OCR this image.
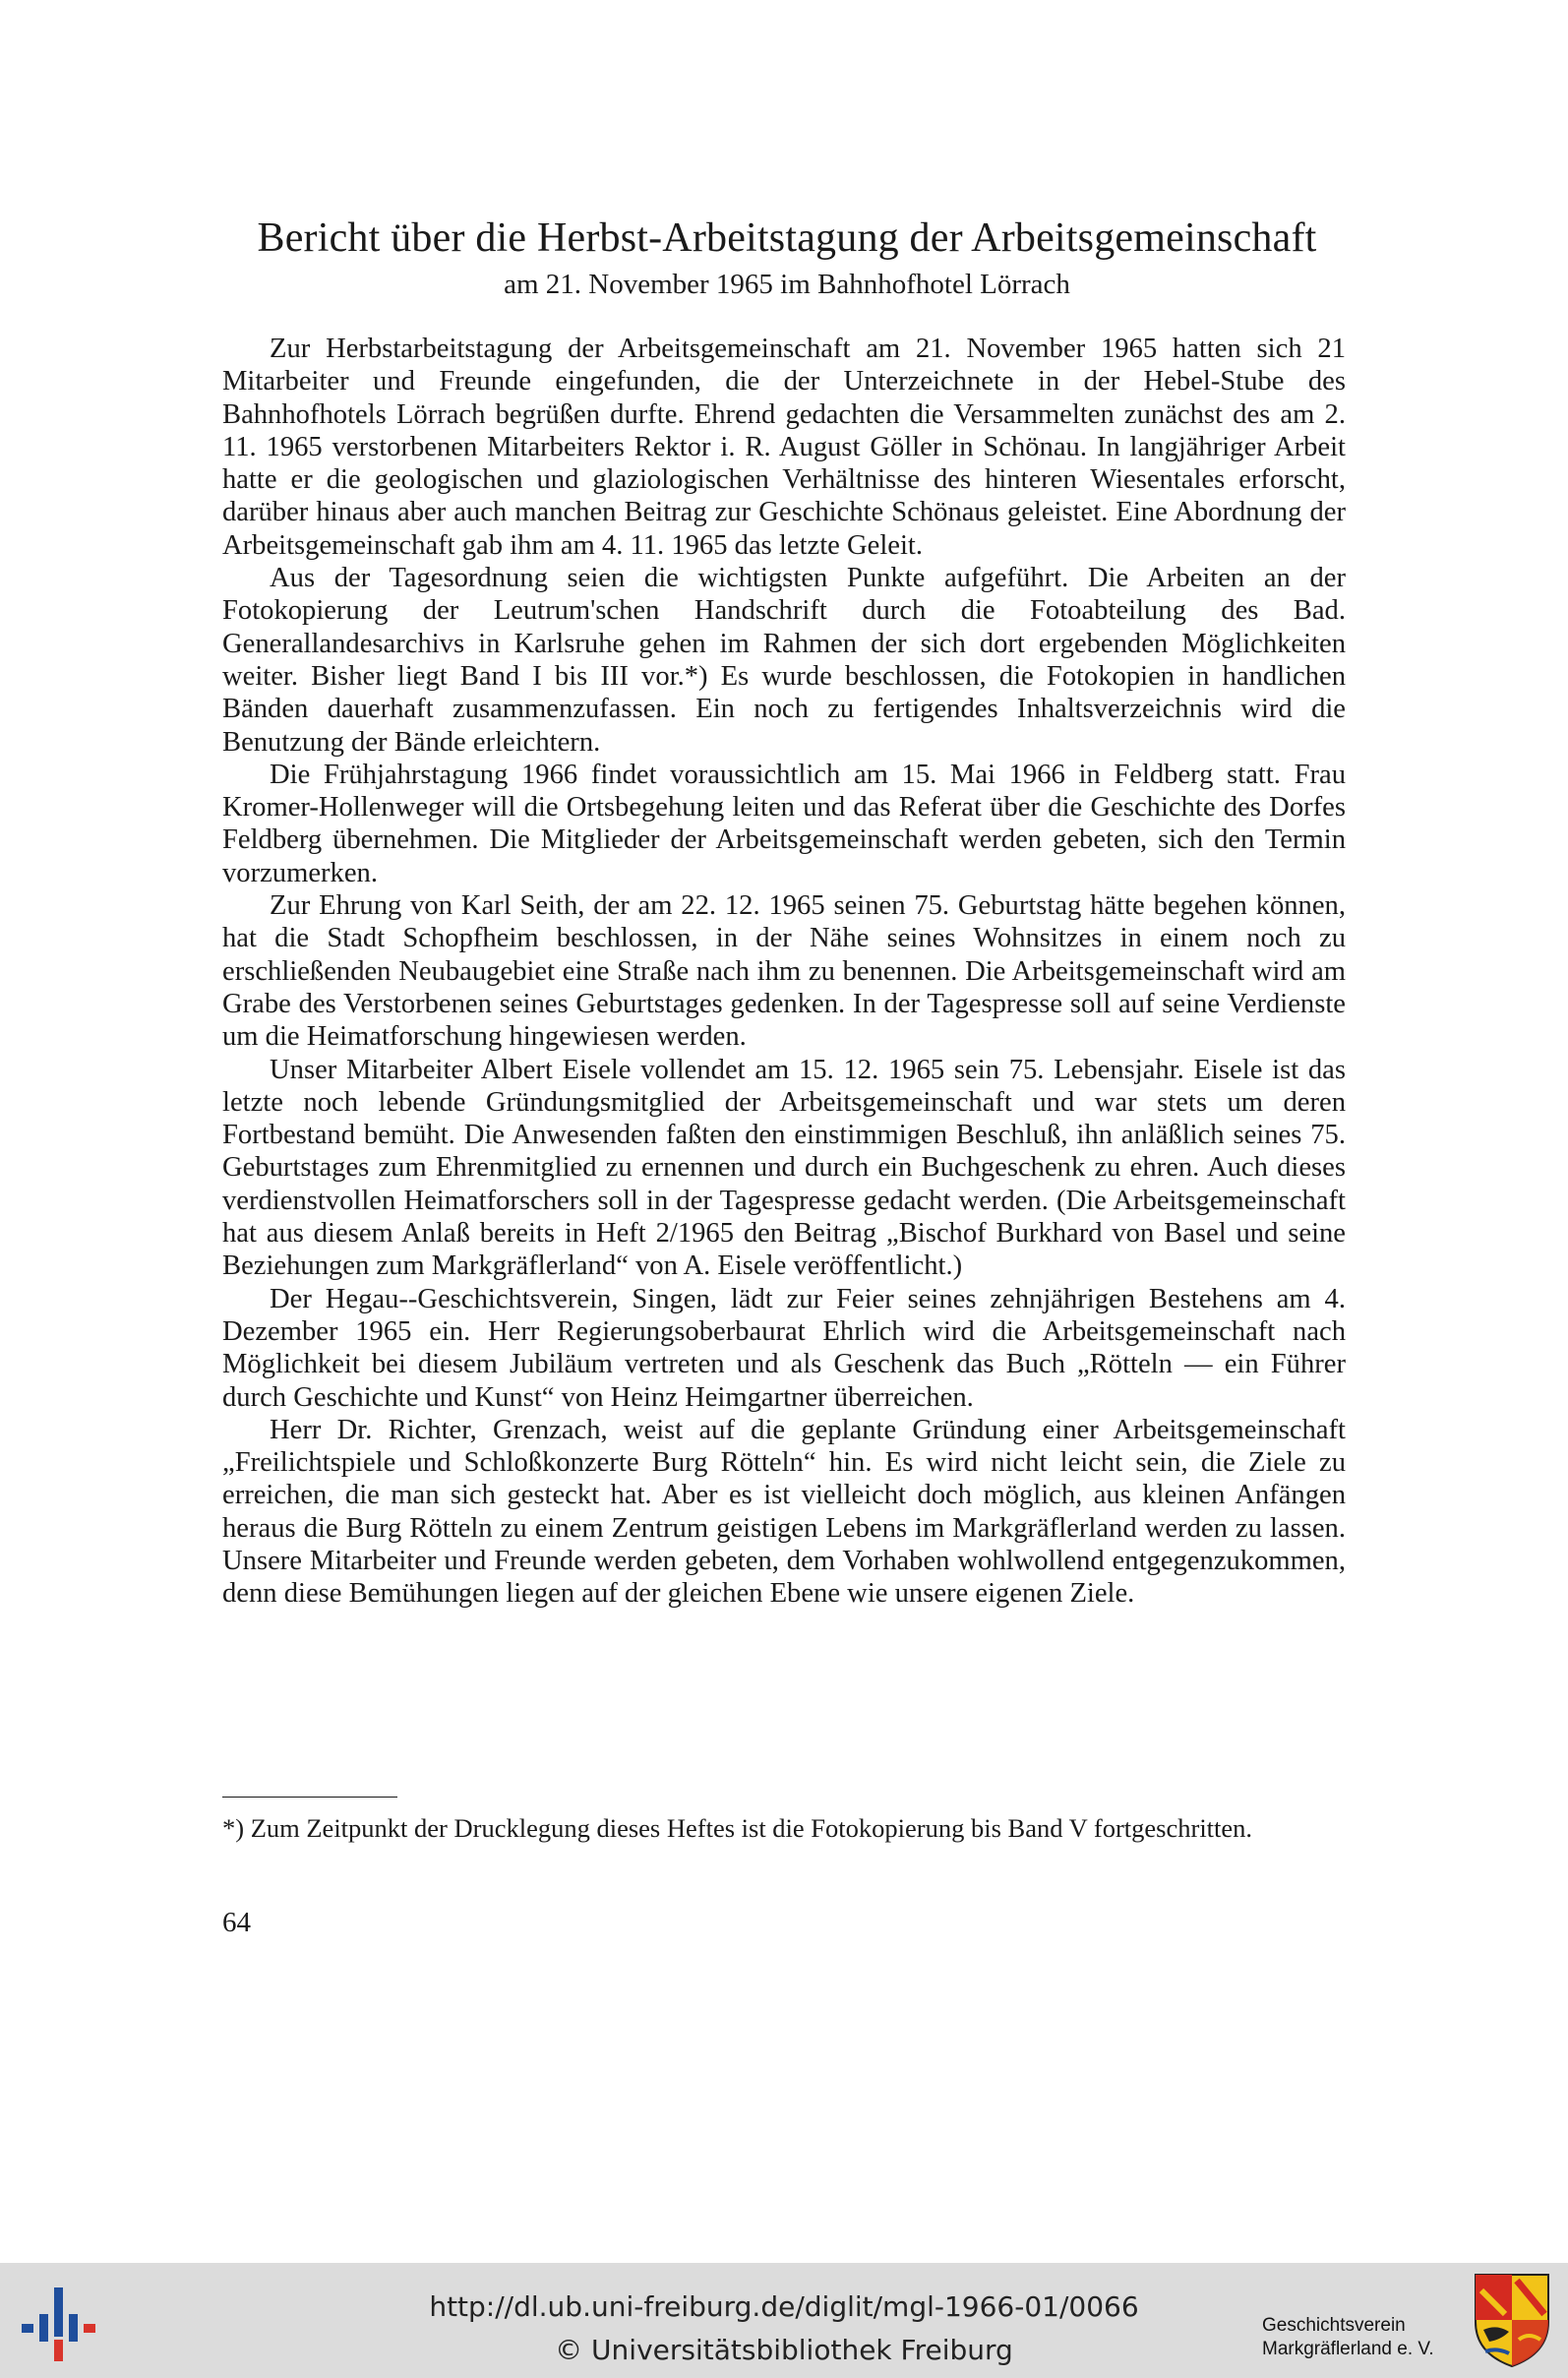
Bericht über die Herbst-Arbeitstagung der Arbeitsgemeinschaft
am 21. November 1965 im Bahnhofhotel Lörrach

Zur Herbstarbeitstagung der Arbeitsgemeinschaft am 21. November 1965 hatten sich 21 Mitarbeiter und Freunde eingefunden, die der Unterzeichnete in der Hebel-Stube des Bahnhofhotels Lörrach begrüßen durfte. Ehrend gedachten die Versammelten zunächst des am 2. 11. 1965 verstorbenen Mitarbeiters Rektor i. R. August Göller in Schönau. In langjähriger Arbeit hatte er die geologischen und glaziologischen Verhältnisse des hinteren Wiesentales erforscht, darüber hinaus aber auch manchen Beitrag zur Geschichte Schönaus geleistet. Eine Abordnung der Arbeitsgemeinschaft gab ihm am 4. 11. 1965 das letzte Geleit.

Aus der Tagesordnung seien die wichtigsten Punkte aufgeführt. Die Arbeiten an der Fotokopierung der Leutrum'schen Handschrift durch die Fotoabteilung des Bad. Generallandesarchivs in Karlsruhe gehen im Rahmen der sich dort ergebenden Möglichkeiten weiter. Bisher liegt Band I bis III vor.*) Es wurde beschlossen, die Fotokopien in handlichen Bänden dauerhaft zusammenzufassen. Ein noch zu fertigendes Inhaltsverzeichnis wird die Benutzung der Bände erleichtern.

Die Frühjahrstagung 1966 findet voraussichtlich am 15. Mai 1966 in Feldberg statt. Frau Kromer-Hollenweger will die Ortsbegehung leiten und das Referat über die Geschichte des Dorfes Feldberg übernehmen. Die Mitglieder der Arbeitsgemeinschaft werden gebeten, sich den Termin vorzumerken.

Zur Ehrung von Karl Seith, der am 22. 12. 1965 seinen 75. Geburtstag hätte begehen können, hat die Stadt Schopfheim beschlossen, in der Nähe seines Wohnsitzes in einem noch zu erschließenden Neubaugebiet eine Straße nach ihm zu benennen. Die Arbeitsgemeinschaft wird am Grabe des Verstorbenen seines Geburtstages gedenken. In der Tagespresse soll auf seine Verdienste um die Heimatforschung hingewiesen werden.

Unser Mitarbeiter Albert Eisele vollendet am 15. 12. 1965 sein 75. Lebensjahr. Eisele ist das letzte noch lebende Gründungsmitglied der Arbeitsgemeinschaft und war stets um deren Fortbestand bemüht. Die Anwesenden faßten den einstimmigen Beschluß, ihn anläßlich seines 75. Geburtstages zum Ehrenmitglied zu ernennen und durch ein Buchgeschenk zu ehren. Auch dieses verdienstvollen Heimatforschers soll in der Tagespresse gedacht werden. (Die Arbeitsgemeinschaft hat aus diesem Anlaß bereits in Heft 2/1965 den Beitrag „Bischof Burkhard von Basel und seine Beziehungen zum Markgräflerland“ von A. Eisele veröffentlicht.)

Der Hegau--Geschichtsverein, Singen, lädt zur Feier seines zehnjährigen Bestehens am 4. Dezember 1965 ein. Herr Regierungsoberbaurat Ehrlich wird die Arbeitsgemeinschaft nach Möglichkeit bei diesem Jubiläum vertreten und als Geschenk das Buch „Rötteln — ein Führer durch Geschichte und Kunst“ von Heinz Heimgartner überreichen.

Herr Dr. Richter, Grenzach, weist auf die geplante Gründung einer Arbeitsgemeinschaft „Freilichtspiele und Schloßkonzerte Burg Rötteln“ hin. Es wird nicht leicht sein, die Ziele zu erreichen, die man sich gesteckt hat. Aber es ist vielleicht doch möglich, aus kleinen Anfängen heraus die Burg Rötteln zu einem Zentrum geistigen Lebens im Markgräflerland werden zu lassen. Unsere Mitarbeiter und Freunde werden gebeten, dem Vorhaben wohlwollend entgegenzukommen, denn diese Bemühungen liegen auf der gleichen Ebene wie unsere eigenen Ziele.

*) Zum Zeitpunkt der Drucklegung dieses Heftes ist die Fotokopierung bis Band V fortgeschritten.
64
http://dl.ub.uni-freiburg.de/diglit/mgl-1966-01/0066
© Universitätsbibliothek Freiburg
Geschichtsverein
Markgräflerland e. V.
